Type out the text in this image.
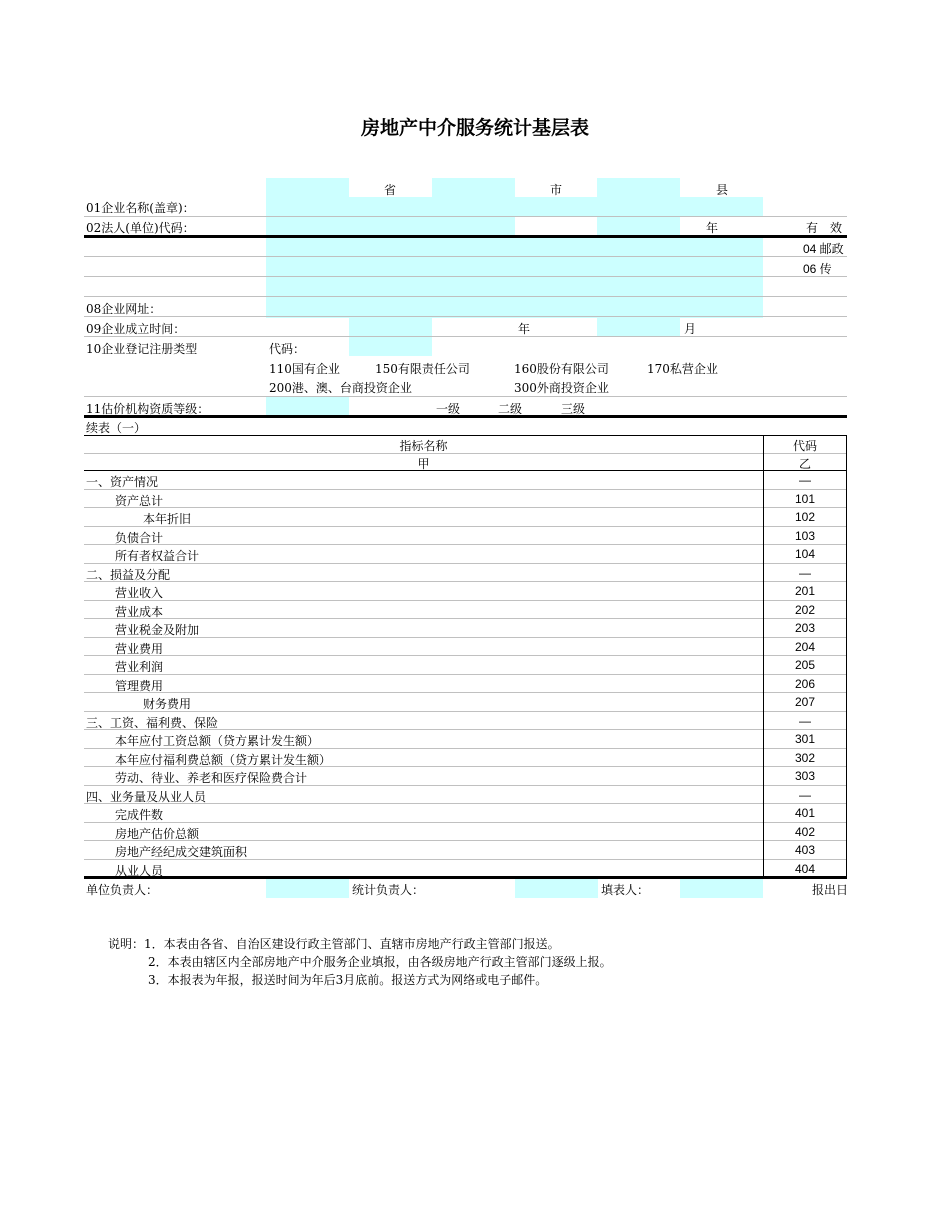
房地产中介服务统计基层表
省	市	县
01企业名称(盖章)：
02法人(单位)代码：	年	有　效
04 邮政
06 传
08企业网址：
09企业成立时间：	年	月
10企业登记注册类型	代码：
110国有企业	150有限责任公司	160股份有限公司	170私营企业
200港、澳、台商投资企业	300外商投资企业
11估价机构资质等级：	一级	二级	三级
续表（一）
指标名称	代码
甲	乙
一、资产情况	—
资产总计	101
本年折旧	102
负债合计	103
所有者权益合计	104
二、损益及分配	—
营业收入	201
营业成本	202
营业税金及附加	203
营业费用	204
营业利润	205
管理费用	206
财务费用	207
三、工资、福利费、保险	—
本年应付工资总额（贷方累计发生额）	301
本年应付福利费总额（贷方累计发生额）	302
劳动、待业、养老和医疗保险费合计	303
四、业务量及从业人员	—
完成件数	401
房地产估价总额	402
房地产经纪成交建筑面积	403
从业人员	404
单位负责人：	统计负责人：	填表人：	报出日
说明：1．本表由各省、自治区建设行政主管部门、直辖市房地产行政主管部门报送。
2．本表由辖区内全部房地产中介服务企业填报，由各级房地产行政主管部门逐级上报。
3．本报表为年报，报送时间为年后3月底前。报送方式为网络或电子邮件。
